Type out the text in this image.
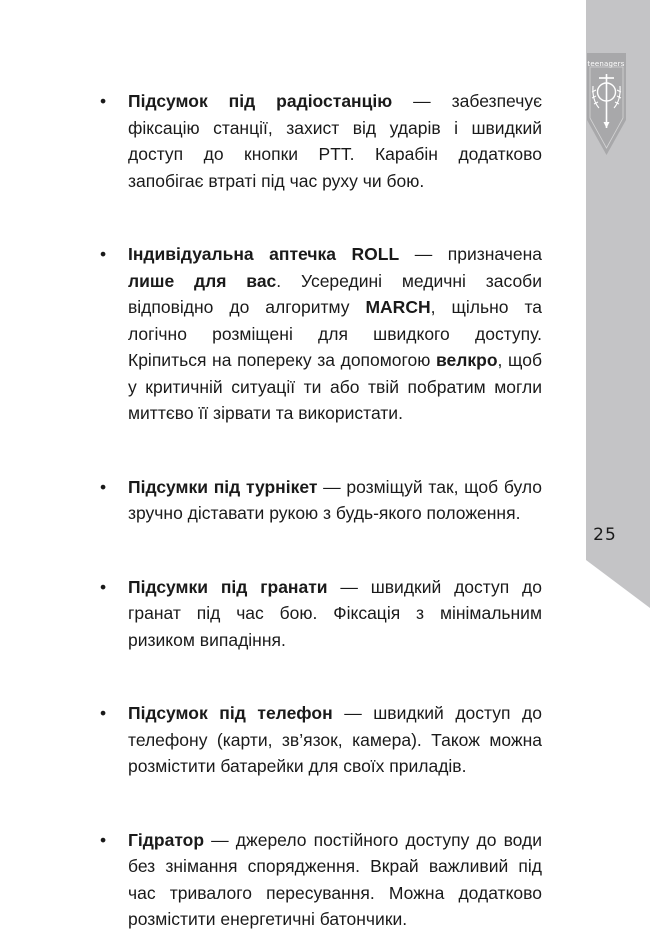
teenagers
25

• Підсумок під радіостанцію — забезпечує фіксацію станції, захист від ударів і швидкий доступ до кнопки PTT. Карабін додатково запобігає втраті під час руху чи бою.

• Індивідуальна аптечка ROLL — призначена лише для вас. Усередині медичні засоби відповідно до алгоритму MARCH, щільно та логічно розміщені для швидкого доступу. Кріпиться на попереку за допомогою велкро, щоб у критичній ситуації ти або твій побратим могли миттєво її зірвати та використати.

• Підсумки під турнікет — розміщуй так, щоб було зручно діставати рукою з будь-якого положення.

• Підсумки під гранати — швидкий доступ до гранат під час бою. Фіксація з мінімальним ризиком випадіння.

• Підсумок під телефон — швидкий доступ до телефону (карти, зв’язок, камера). Також можна розмістити батарейки для своїх приладів.

• Гідратор — джерело постійного доступу до води без знімання спорядження. Вкрай важливий під час тривалого пересування. Можна додатково розмістити енергетичні батончики.
